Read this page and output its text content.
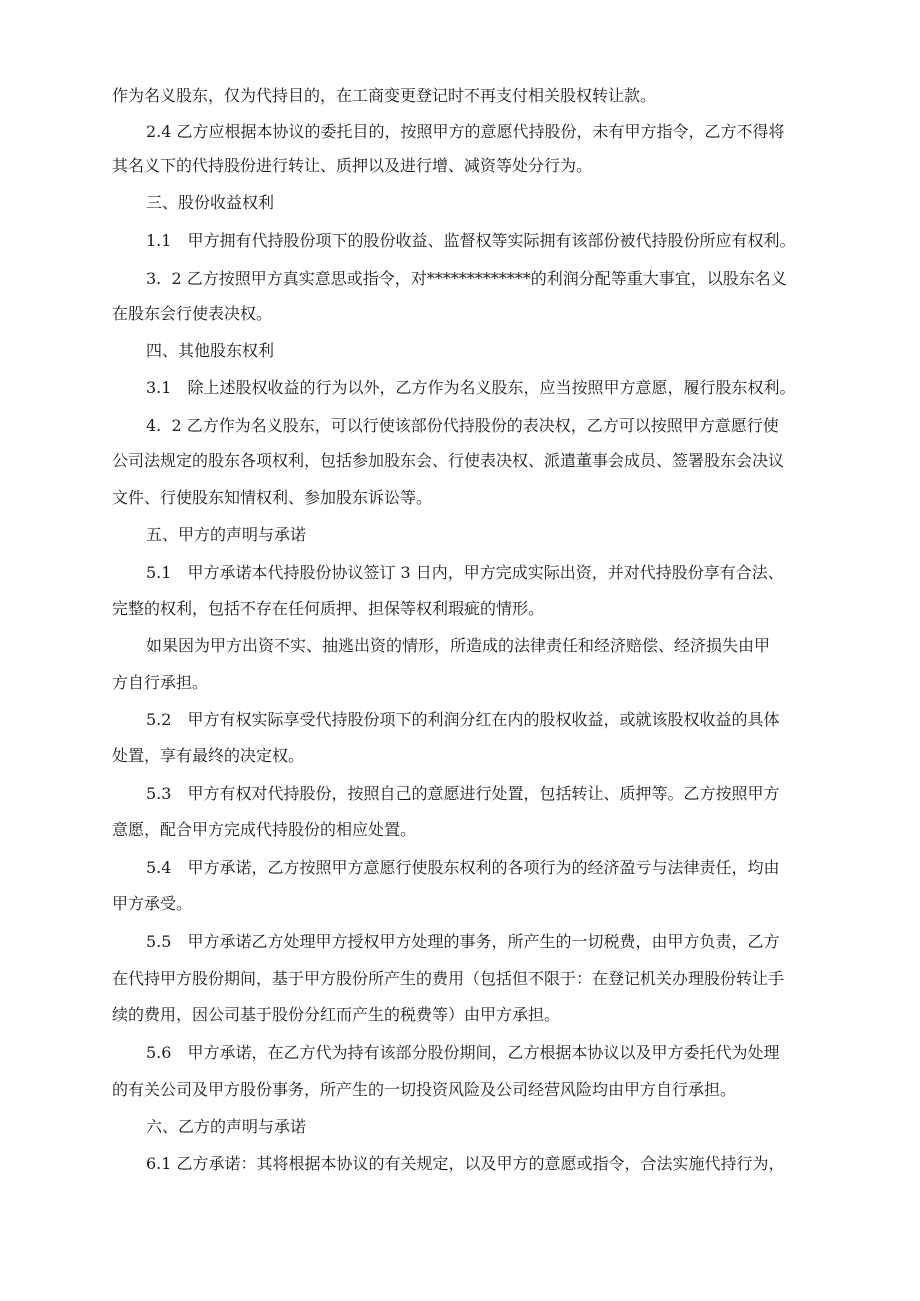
作为名义股东，仅为代持目的，在工商变更登记时不再支付相关股权转让款。

2.4 乙方应根据本协议的委托目的，按照甲方的意愿代持股份，未有甲方指令，乙方不得将

其名义下的代持股份进行转让、质押以及进行增、减资等处分行为。

三、股份收益权利

1.1　甲方拥有代持股份项下的股份收益、监督权等实际拥有该部份被代持股份所应有权利。

3.  2 乙方按照甲方真实意思或指令，对*************的利润分配等重大事宜，以股东名义

在股东会行使表决权。

四、其他股东权利

3.1　除上述股权收益的行为以外，乙方作为名义股东，应当按照甲方意愿，履行股东权利。

4.  2 乙方作为名义股东，可以行使该部份代持股份的表决权，乙方可以按照甲方意愿行使

公司法规定的股东各项权利，包括参加股东会、行使表决权、派遣董事会成员、签署股东会决议

文件、行使股东知情权利、参加股东诉讼等。

五、甲方的声明与承诺

5.1　甲方承诺本代持股份协议签订 3 日内，甲方完成实际出资，并对代持股份享有合法、

完整的权利，包括不存在任何质押、担保等权利瑕疵的情形。

如果因为甲方出资不实、抽逃出资的情形，所造成的法律责任和经济赔偿、经济损失由甲

方自行承担。

5.2　甲方有权实际享受代持股份项下的利润分红在内的股权收益，或就该股权收益的具体

处置，享有最终的决定权。

5.3　甲方有权对代持股份，按照自己的意愿进行处置，包括转让、质押等。乙方按照甲方

意愿，配合甲方完成代持股份的相应处置。

5.4　甲方承诺，乙方按照甲方意愿行使股东权利的各项行为的经济盈亏与法律责任，均由

甲方承受。

5.5　甲方承诺乙方处理甲方授权甲方处理的事务，所产生的一切税费，由甲方负责，乙方

在代持甲方股份期间，基于甲方股份所产生的费用（包括但不限于：在登记机关办理股份转让手

续的费用，因公司基于股份分红而产生的税费等）由甲方承担。

5.6　甲方承诺，在乙方代为持有该部分股份期间，乙方根据本协议以及甲方委托代为处理

的有关公司及甲方股份事务，所产生的一切投资风险及公司经营风险均由甲方自行承担。

六、乙方的声明与承诺

6.1 乙方承诺：其将根据本协议的有关规定，以及甲方的意愿或指令，合法实施代持行为，
